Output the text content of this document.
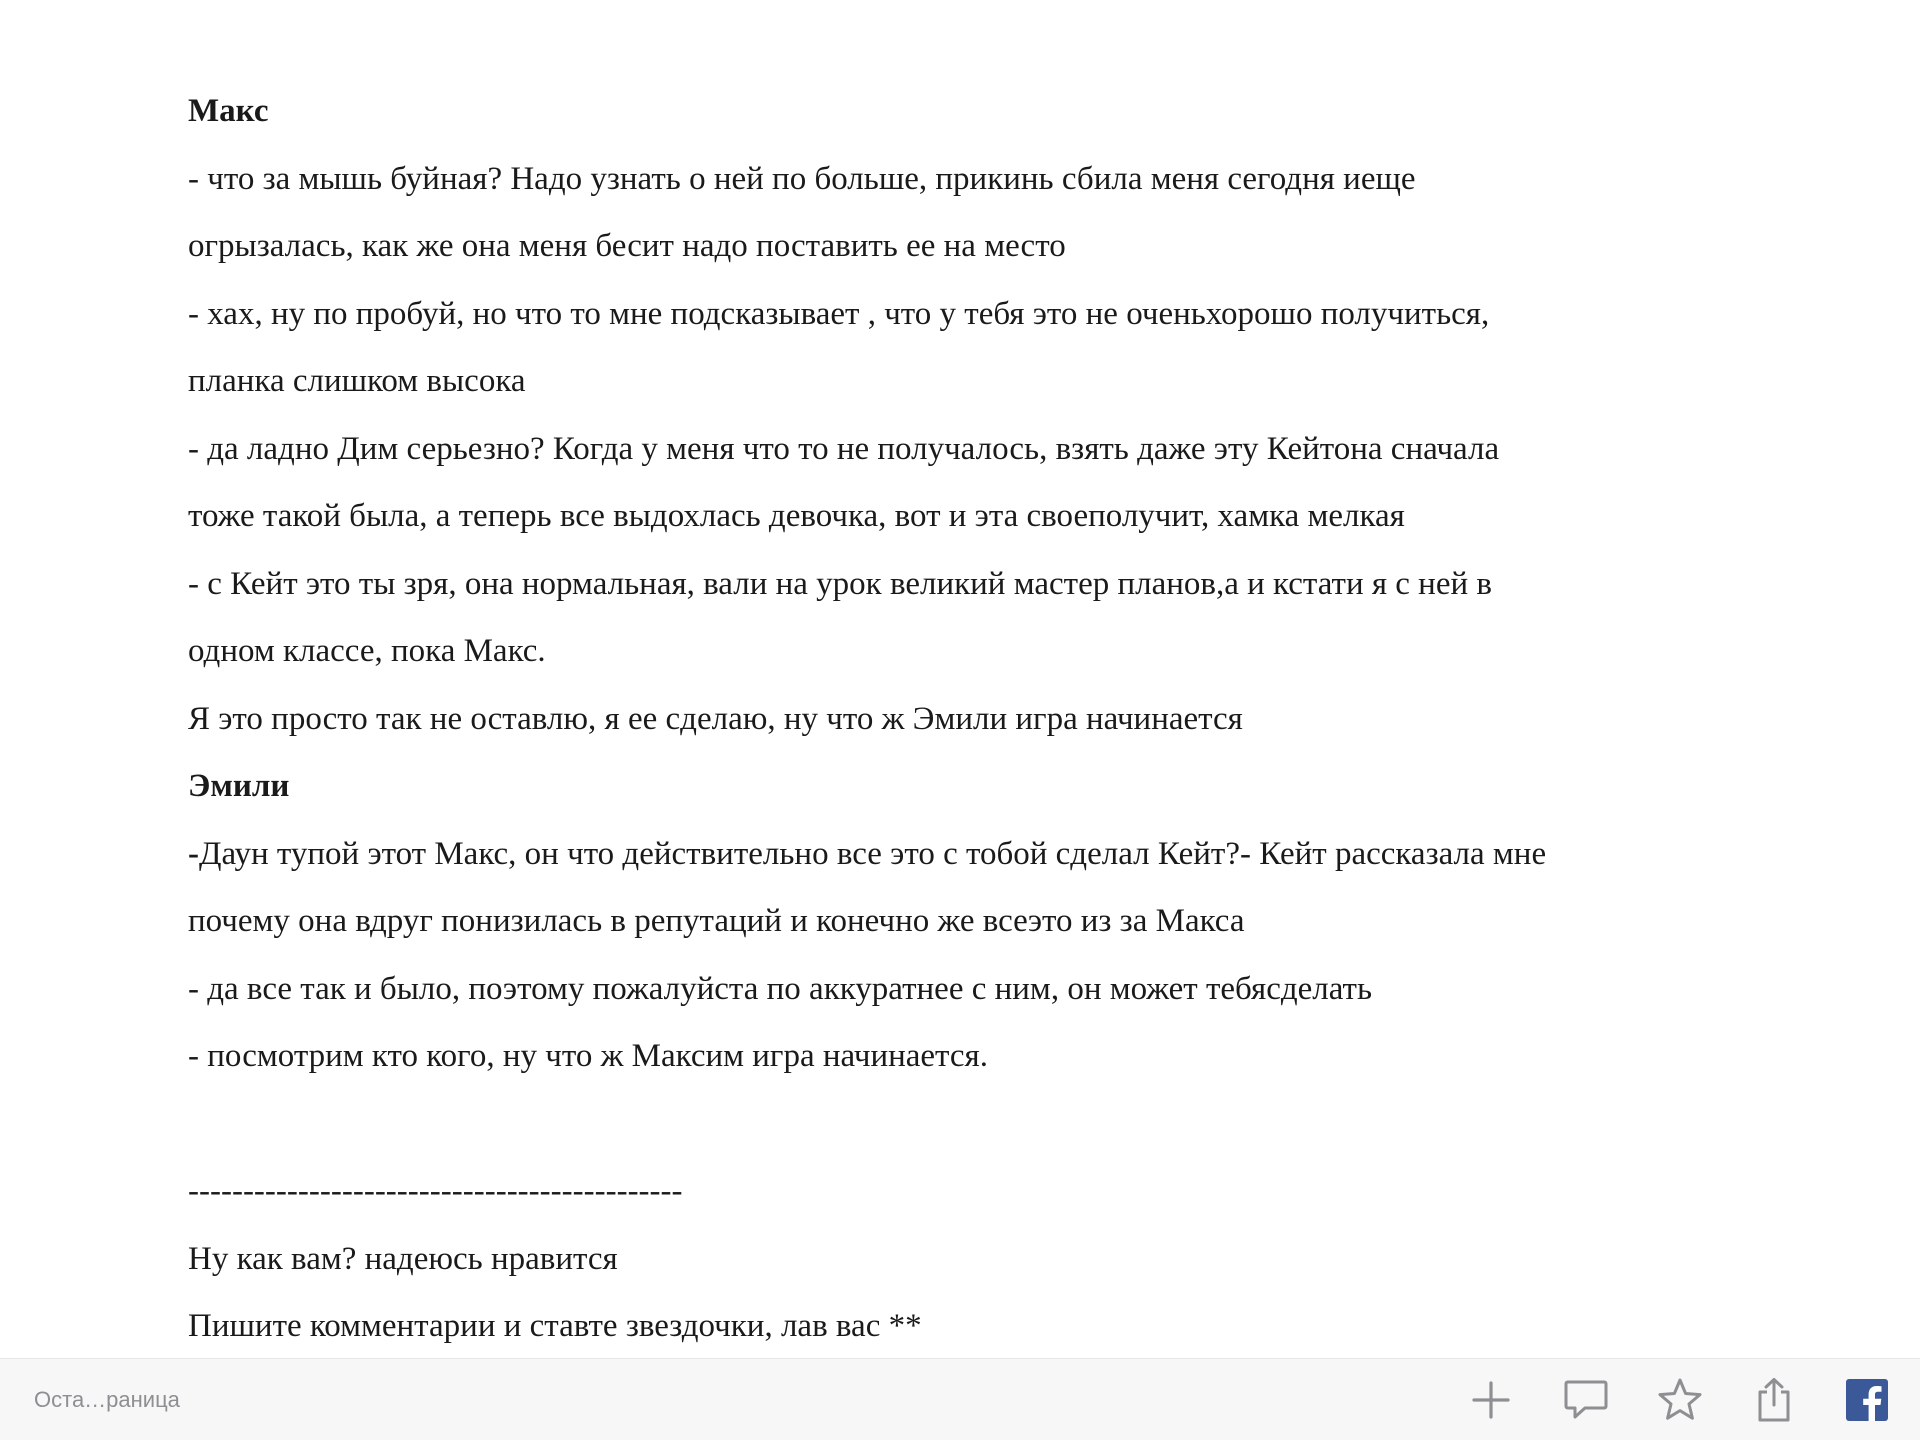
Макс
- что за мышь буйная? Надо узнать о ней по больше, прикинь сбила меня сегодня иеще
огрызалась, как же она меня бесит надо поставить ее на место
- хах, ну по пробуй, но что то мне подсказывает , что у тебя это не оченьхорошо получиться,
планка слишком высока
- да ладно Дим серьезно? Когда у меня что то не получалось, взять даже эту Кейтона сначала
тоже такой была, а теперь все выдохлась девочка, вот и эта своеполучит, хамка мелкая
- с Кейт это ты зря, она нормальная, вали на урок великий мастер планов,а и кстати я с ней в
одном классе, пока Макс.
Я это просто так не оставлю, я ее сделаю, ну что ж Эмили игра начинается
Эмили
-Даун тупой этот Макс, он что действительно все это с тобой сделал Кейт?- Кейт рассказала мне
почему она вдруг понизилась в репутаций и конечно же всеэто из за Макса
- да все так и было, поэтому пожалуйста по аккуратнее с ним, он может тебясделать
- посмотрим кто кого, ну что ж Максим игра начинается.
---------------------------------------------
Ну как вам? надеюсь нравится
Пишите комментарии и ставте звездочки, лав вас **
Оста…раница
